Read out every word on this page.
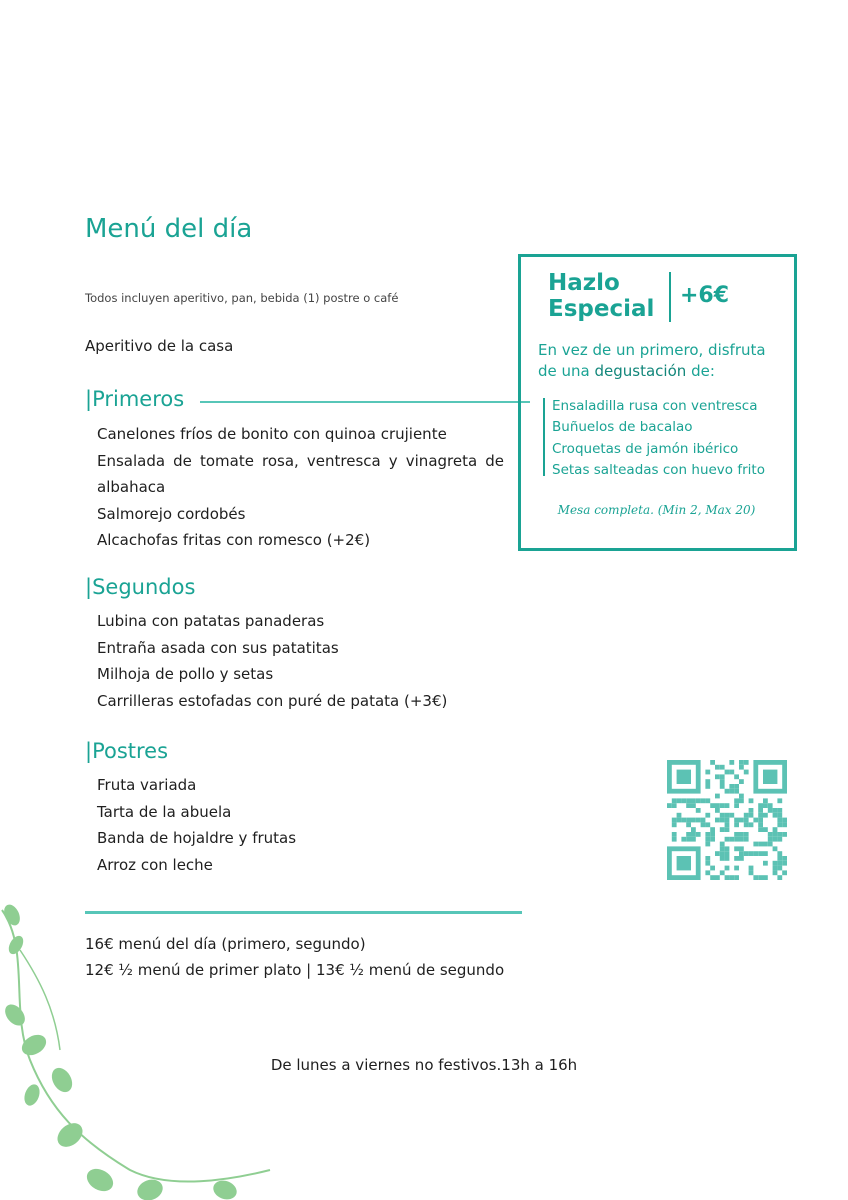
Menú del día
Todos incluyen aperitivo, pan, bebida (1) postre o café
Aperitivo de la casa
|Primeros
Canelones fríos de bonito con quinoa crujiente
Ensalada de tomate rosa, ventresca y vinagreta de albahaca
Salmorejo cordobés
Alcachofas fritas con romesco (+2€)
|Segundos
Lubina con patatas panaderas
Entraña asada con sus patatitas
Milhoja de pollo y setas
Carrilleras estofadas con puré de patata (+3€)
|Postres
Fruta variada
Tarta de la abuela
Banda de hojaldre y frutas
Arroz con leche
16€ menú del día (primero, segundo)
12€ ½ menú de primer plato | 13€ ½ menú de segundo
De lunes a viernes no festivos.13h a 16h
Hazlo
Especial
+6€
En vez de un primero, disfruta de una degustación de:
Ensaladilla rusa con ventresca
Buñuelos de bacalao
Croquetas de jamón ibérico
Setas salteadas con huevo frito
Mesa completa. (Min 2, Max 20)
